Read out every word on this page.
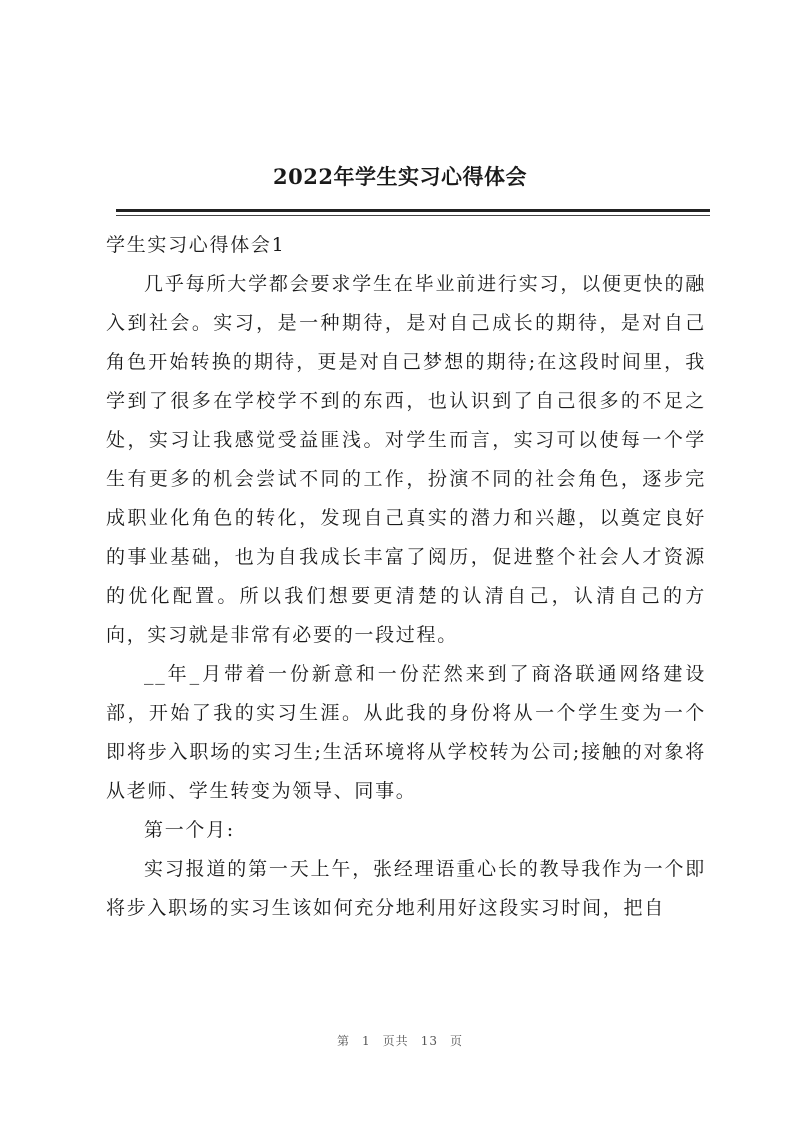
2022年学生实习心得体会
学生实习心得体会1

几乎每所大学都会要求学生在毕业前进行实习，以便更快的融入到社会。实习，是一种期待，是对自己成长的期待，是对自己角色开始转换的期待，更是对自己梦想的期待;在这段时间里，我学到了很多在学校学不到的东西，也认识到了自己很多的不足之处，实习让我感觉受益匪浅。对学生而言，实习可以使每一个学生有更多的机会尝试不同的工作，扮演不同的社会角色，逐步完成职业化角色的转化，发现自己真实的潜力和兴趣，以奠定良好的事业基础，也为自我成长丰富了阅历，促进整个社会人才资源的优化配置。所以我们想要更清楚的认清自己，认清自己的方向，实习就是非常有必要的一段过程。

__年_月带着一份新意和一份茫然来到了商洛联通网络建设部，开始了我的实习生涯。从此我的身份将从一个学生变为一个即将步入职场的实习生;生活环境将从学校转为公司;接触的对象将从老师、学生转变为领导、同事。

第一个月:

实习报道的第一天上午，张经理语重心长的教导我作为一个即将步入职场的实习生该如何充分地利用好这段实习时间，把自

第 1 页共 13 页
